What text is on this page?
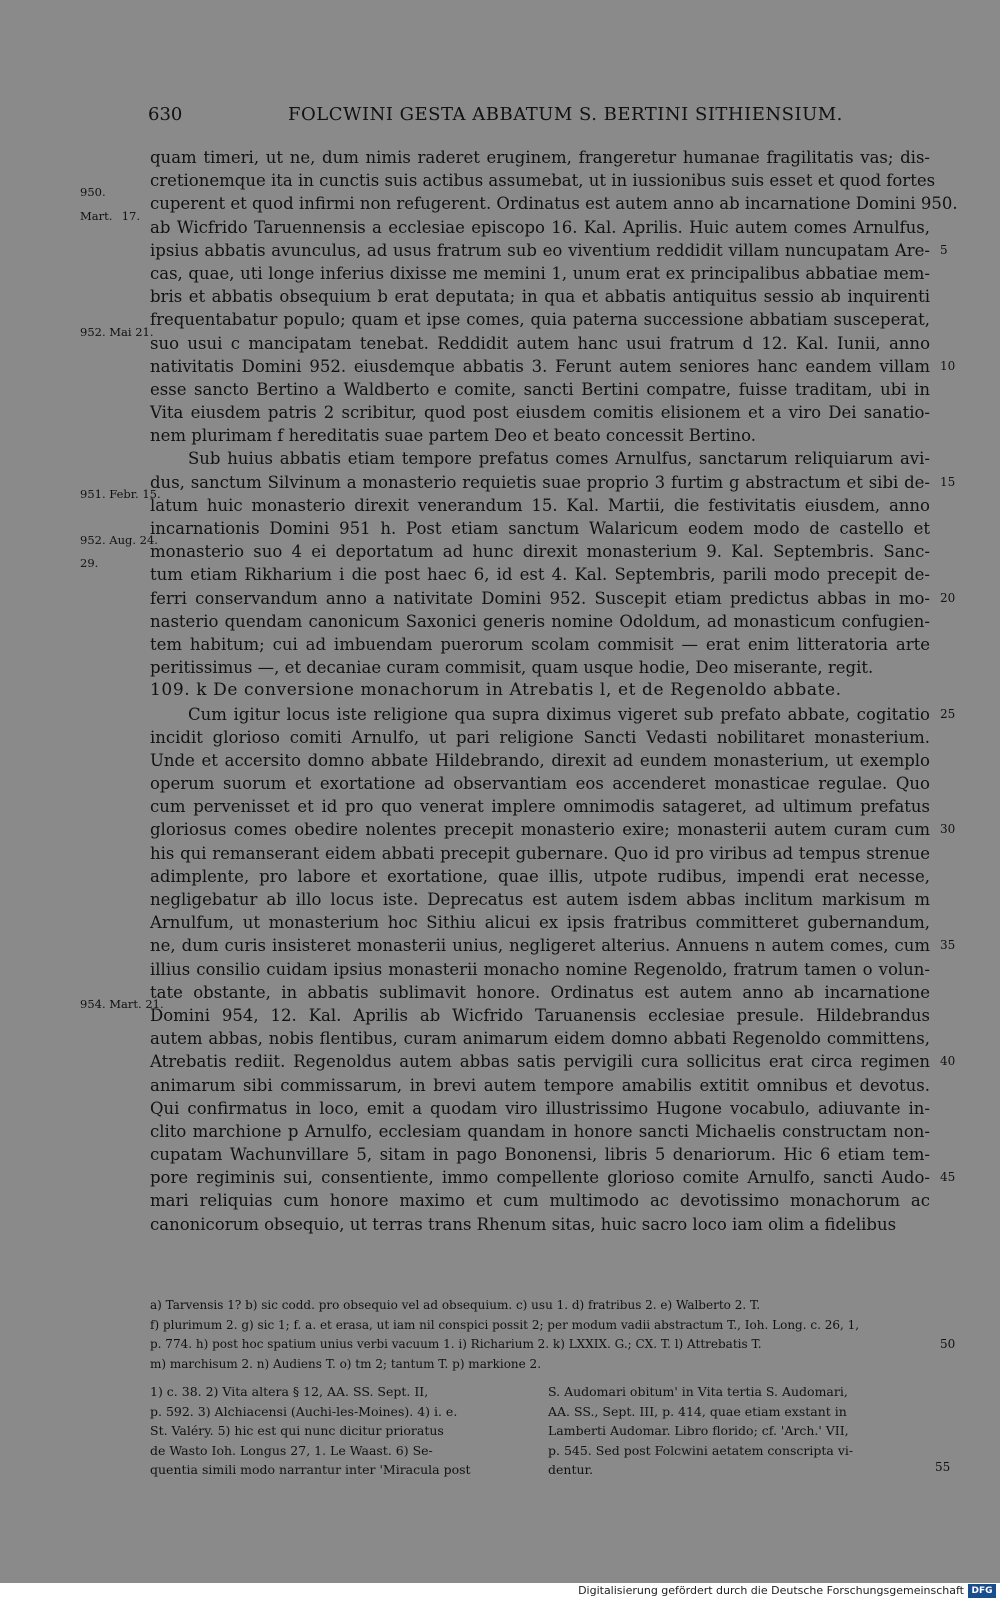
630	FOLCWINI GESTA ABBATUM S. BERTINI SITHIENSIUM.
quam timeri, ut ne, dum nimis raderet eruginem, frangeretur humanae fragilitatis vas; dis-
cretionemque ita in cunctis suis actibus assumebat, ut in iussionibus suis esset et quod fortes
cuperent et quod infirmi non refugerent. Ordinatus est autem anno ab incarnatione Domini 950.
950.
ab Wicfrido Taruennensis a ecclesiae episcopo 16. Kal. Aprilis. Huic autem comes Arnulfus,
Mart. 17.
ipsius abbatis avunculus, ad usus fratrum sub eo viventium reddidit villam nuncupatam Are- 5
cas, quae, uti longe inferius dixisse me memini 1, unum erat ex principalibus abbatiae mem-
bris et abbatis obsequium b erat deputata; in qua et abbatis antiquitus sessio ab inquirenti
frequentabatur populo; quam et ipse comes, quia paterna successione abbatiam susceperat,
suo usui c mancipatam tenebat. Reddidit autem hanc usui fratrum d 12. Kal. Iunii, anno
952. Mai 21.
nativitatis Domini 952. eiusdemque abbatis 3. Ferunt autem seniores hanc eandem villam 10
esse sancto Bertino a Waldberto e comite, sancti Bertini compatre, fuisse traditam, ubi in
Vita eiusdem patris 2 scribitur, quod post eiusdem comitis elisionem et a viro Dei sanatio-
nem plurimam f hereditatis suae partem Deo et beato concessit Bertino.
Sub huius abbatis etiam tempore prefatus comes Arnulfus, sanctarum reliquiarum avi-
dus, sanctum Silvinum a monasterio requietis suae proprio 3 furtim g abstractum et sibi de- 15
latum huic monasterio direxit venerandum 15. Kal. Martii, die festivitatis eiusdem, anno
951. Febr. 15.
incarnationis Domini 951 h. Post etiam sanctum Walaricum eodem modo de castello et
monasterio suo 4 ei deportatum ad hunc direxit monasterium 9. Kal. Septembris. Sanc-
952. Aug. 24.
tum etiam Rikharium i die post haec 6, id est 4. Kal. Septembris, parili modo precepit de-
29.
ferri conservandum anno a nativitate Domini 952. Suscepit etiam predictus abbas in mo- 20
nasterio quendam canonicum Saxonici generis nomine Odoldum, ad monasticum confugien-
tem habitum; cui ad imbuendam puerorum scolam commisit — erat enim litteratoria arte
peritissimus —, et decaniae curam commisit, quam usque hodie, Deo miserante, regit.
109. k De conversione monachorum in Atrebatis l, et de Regenoldo abbate.
Cum igitur locus iste religione qua supra diximus vigeret sub prefato abbate, cogitatio 25
incidit glorioso comiti Arnulfo, ut pari religione Sancti Vedasti nobilitaret monasterium.
Unde et accersito domno abbate Hildebrando, direxit ad eundem monasterium, ut exemplo
operum suorum et exortatione ad observantiam eos accenderet monasticae regulae. Quo
cum pervenisset et id pro quo venerat implere omnimodis satageret, ad ultimum prefatus
gloriosus comes obedire nolentes precepit monasterio exire; monasterii autem curam cum 30
his qui remanserant eidem abbati precepit gubernare. Quo id pro viribus ad tempus strenue
adimplente, pro labore et exortatione, quae illis, utpote rudibus, impendi erat necesse,
negligebatur ab illo locus iste. Deprecatus est autem isdem abbas inclitum markisum m
Arnulfum, ut monasterium hoc Sithiu alicui ex ipsis fratribus committeret gubernandum,
ne, dum curis insisteret monasterii unius, negligeret alterius. Annuens n autem comes, cum 35
illius consilio cuidam ipsius monasterii monacho nomine Regenoldo, fratrum tamen o volun-
tate obstante, in abbatis sublimavit honore. Ordinatus est autem anno ab incarnatione
Domini 954, 12. Kal. Aprilis ab Wicfrido Taruanensis ecclesiae presule. Hildebrandus
954. Mart. 21.
autem abbas, nobis flentibus, curam animarum eidem domno abbati Regenoldo committens,
Atrebatis rediit. Regenoldus autem abbas satis pervigili cura sollicitus erat circa regimen 40
animarum sibi commissarum, in brevi autem tempore amabilis extitit omnibus et devotus.
Qui confirmatus in loco, emit a quodam viro illustrissimo Hugone vocabulo, adiuvante in-
clito marchione p Arnulfo, ecclesiam quandam in honore sancti Michaelis constructam non-
cupatam Wachunvillare 5, sitam in pago Bononensi, libris 5 denariorum. Hic 6 etiam tem-
pore regiminis sui, consentiente, immo compellente glorioso comite Arnulfo, sancti Audo- 45
mari reliquias cum honore maximo et cum multimodo ac devotissimo monachorum ac
canonicorum obsequio, ut terras trans Rhenum sitas, huic sacro loco iam olim a fidelibus
a) Tarvensis 1? b) sic codd. pro obsequio vel ad obsequium. c) usu 1. d) fratribus 2. e) Walberto 2. T.
f) plurimum 2. g) sic 1; f. a. et erasa, ut iam nil conspici possit 2; per modum vadii abstractum T., Ioh. Long. c. 26, 1,
p. 774. h) post hoc spatium unius verbi vacuum 1. i) Richarium 2. k) LXXIX. G.; CX. T. l) Attrebatis T.	50
m) marchisum 2. n) Audiens T. o) tm 2; tantum T. p) markione 2.
1) c. 38. 2) Vita altera § 12, AA. SS. Sept. II,
p. 592. 3) Alchiacensi (Auchi-les-Moines). 4) i. e.
St. Valéry. 5) hic est qui nunc dicitur prioratus
de Wasto Ioh. Longus 27, 1. Le Waast. 6) Se-
quentia simili modo narrantur inter 'Miracula post
S. Audomari obitum' in Vita tertia S. Audomari,
AA. SS., Sept. III, p. 414, quae etiam exstant in
Lamberti Audomar. Libro florido; cf. 'Arch.' VII,
p. 545. Sed post Folcwini aetatem conscripta vi-
dentur.	55
Digitalisierung gefördert durch die Deutsche Forschungsgemeinschaft DFG
